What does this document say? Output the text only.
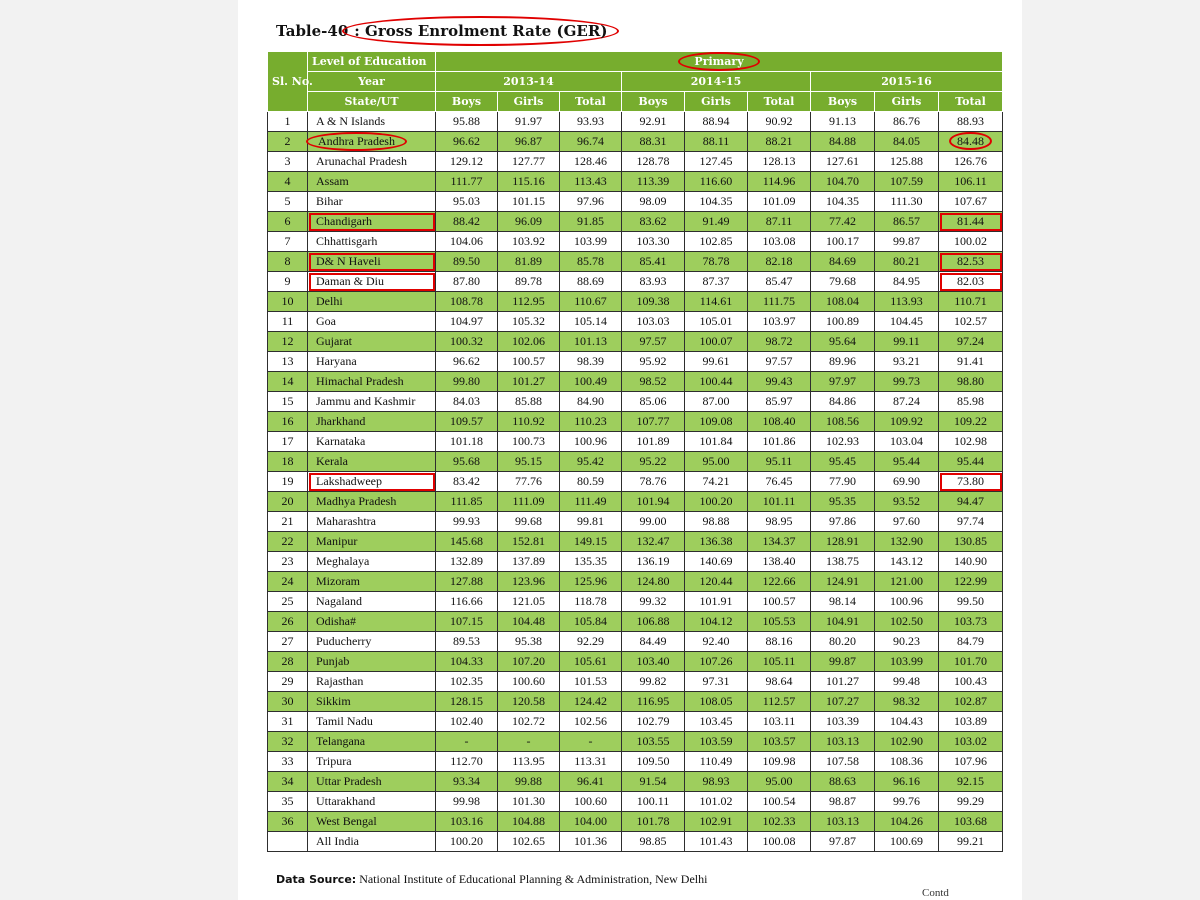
Table-40 : Gross Enrolment Rate (GER)
Sl. No.	Level of Education	Primary								
	Year	2013-14			2014-15			2015-16		
	State/UT	Boys	Girls	Total	Boys	Girls	Total	Boys	Girls	Total
1	A & N Islands	95.88	91.97	93.93	92.91	88.94	90.92	91.13	86.76	88.93
2	Andhra Pradesh	96.62	96.87	96.74	88.31	88.11	88.21	84.88	84.05	84.48
3	Arunachal Pradesh	129.12	127.77	128.46	128.78	127.45	128.13	127.61	125.88	126.76
4	Assam	111.77	115.16	113.43	113.39	116.60	114.96	104.70	107.59	106.11
5	Bihar	95.03	101.15	97.96	98.09	104.35	101.09	104.35	111.30	107.67
6	Chandigarh	88.42	96.09	91.85	83.62	91.49	87.11	77.42	86.57	81.44
7	Chhattisgarh	104.06	103.92	103.99	103.30	102.85	103.08	100.17	99.87	100.02
8	D& N Haveli	89.50	81.89	85.78	85.41	78.78	82.18	84.69	80.21	82.53
9	Daman & Diu	87.80	89.78	88.69	83.93	87.37	85.47	79.68	84.95	82.03
10	Delhi	108.78	112.95	110.67	109.38	114.61	111.75	108.04	113.93	110.71
11	Goa	104.97	105.32	105.14	103.03	105.01	103.97	100.89	104.45	102.57
12	Gujarat	100.32	102.06	101.13	97.57	100.07	98.72	95.64	99.11	97.24
13	Haryana	96.62	100.57	98.39	95.92	99.61	97.57	89.96	93.21	91.41
14	Himachal Pradesh	99.80	101.27	100.49	98.52	100.44	99.43	97.97	99.73	98.80
15	Jammu and Kashmir	84.03	85.88	84.90	85.06	87.00	85.97	84.86	87.24	85.98
16	Jharkhand	109.57	110.92	110.23	107.77	109.08	108.40	108.56	109.92	109.22
17	Karnataka	101.18	100.73	100.96	101.89	101.84	101.86	102.93	103.04	102.98
18	Kerala	95.68	95.15	95.42	95.22	95.00	95.11	95.45	95.44	95.44
19	Lakshadweep	83.42	77.76	80.59	78.76	74.21	76.45	77.90	69.90	73.80
20	Madhya Pradesh	111.85	111.09	111.49	101.94	100.20	101.11	95.35	93.52	94.47
21	Maharashtra	99.93	99.68	99.81	99.00	98.88	98.95	97.86	97.60	97.74
22	Manipur	145.68	152.81	149.15	132.47	136.38	134.37	128.91	132.90	130.85
23	Meghalaya	132.89	137.89	135.35	136.19	140.69	138.40	138.75	143.12	140.90
24	Mizoram	127.88	123.96	125.96	124.80	120.44	122.66	124.91	121.00	122.99
25	Nagaland	116.66	121.05	118.78	99.32	101.91	100.57	98.14	100.96	99.50
26	Odisha#	107.15	104.48	105.84	106.88	104.12	105.53	104.91	102.50	103.73
27	Puducherry	89.53	95.38	92.29	84.49	92.40	88.16	80.20	90.23	84.79
28	Punjab	104.33	107.20	105.61	103.40	107.26	105.11	99.87	103.99	101.70
29	Rajasthan	102.35	100.60	101.53	99.82	97.31	98.64	101.27	99.48	100.43
30	Sikkim	128.15	120.58	124.42	116.95	108.05	112.57	107.27	98.32	102.87
31	Tamil Nadu	102.40	102.72	102.56	102.79	103.45	103.11	103.39	104.43	103.89
32	Telangana	-	-	-	103.55	103.59	103.57	103.13	102.90	103.02
33	Tripura	112.70	113.95	113.31	109.50	110.49	109.98	107.58	108.36	107.96
34	Uttar Pradesh	93.34	99.88	96.41	91.54	98.93	95.00	88.63	96.16	92.15
35	Uttarakhand	99.98	101.30	100.60	100.11	101.02	100.54	98.87	99.76	99.29
36	West Bengal	103.16	104.88	104.00	101.78	102.91	102.33	103.13	104.26	103.68
	All India	100.20	102.65	101.36	98.85	101.43	100.08	97.87	100.69	99.21
Data Source: National Institute of Educational Planning & Administration, New Delhi
Contd
